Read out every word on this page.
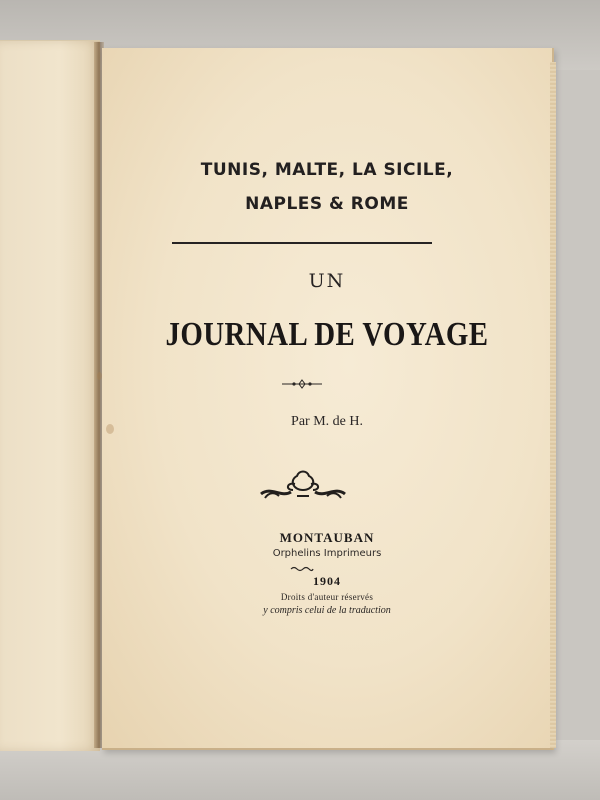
TUNIS, MALTE, LA SICILE,
NAPLES & ROME
UN
JOURNAL DE VOYAGE
Par M. de H.
MONTAUBAN
Orphelins Imprimeurs
1904
Droits d'auteur réservés
y compris celui de la traduction
